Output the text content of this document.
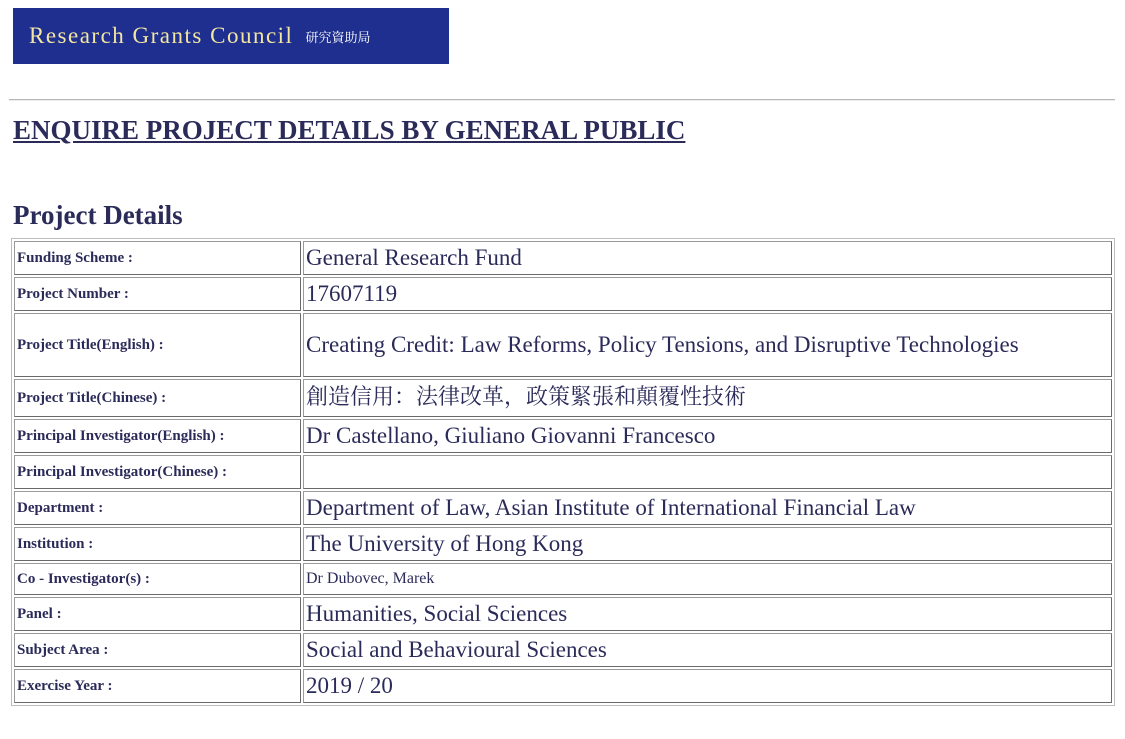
Research Grants Council 研究資助局
ENQUIRE PROJECT DETAILS BY GENERAL PUBLIC
Project Details
Funding Scheme :	General Research Fund
Project Number :	17607119
Project Title(English) :	Creating Credit: Law Reforms, Policy Tensions, and Disruptive Technologies
Project Title(Chinese) :	創造信用：法律改革，政策緊張和顛覆性技術
Principal Investigator(English) :	Dr Castellano, Giuliano Giovanni Francesco
Principal Investigator(Chinese) :	
Department :	Department of Law, Asian Institute of International Financial Law
Institution :	The University of Hong Kong
Co - Investigator(s) :	Dr Dubovec, Marek
Panel :	Humanities, Social Sciences
Subject Area :	Social and Behavioural Sciences
Exercise Year :	2019 / 20
